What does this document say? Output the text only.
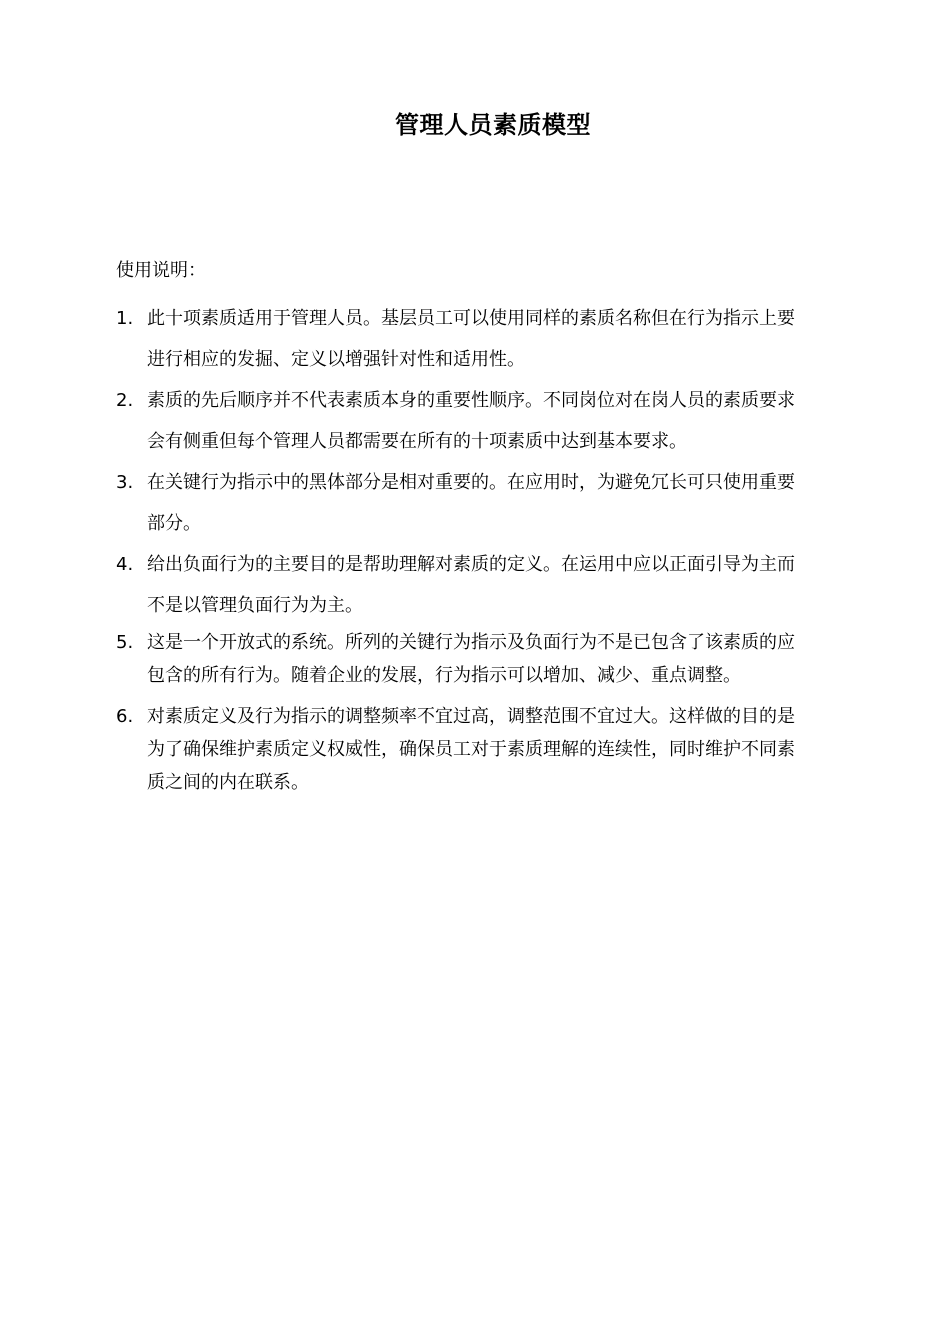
管理人员素质模型
使用说明：
1. 此十项素质适用于管理人员。基层员工可以使用同样的素质名称但在行为指示上要
进行相应的发掘、定义以增强针对性和适用性。
2. 素质的先后顺序并不代表素质本身的重要性顺序。不同岗位对在岗人员的素质要求
会有侧重但每个管理人员都需要在所有的十项素质中达到基本要求。
3. 在关键行为指示中的黑体部分是相对重要的。在应用时，为避免冗长可只使用重要
部分。
4. 给出负面行为的主要目的是帮助理解对素质的定义。在运用中应以正面引导为主而
不是以管理负面行为为主。
5. 这是一个开放式的系统。所列的关键行为指示及负面行为不是已包含了该素质的应
包含的所有行为。随着企业的发展，行为指示可以增加、减少、重点调整。
6. 对素质定义及行为指示的调整频率不宜过高，调整范围不宜过大。这样做的目的是
为了确保维护素质定义权威性，确保员工对于素质理解的连续性，同时维护不同素
质之间的内在联系。
